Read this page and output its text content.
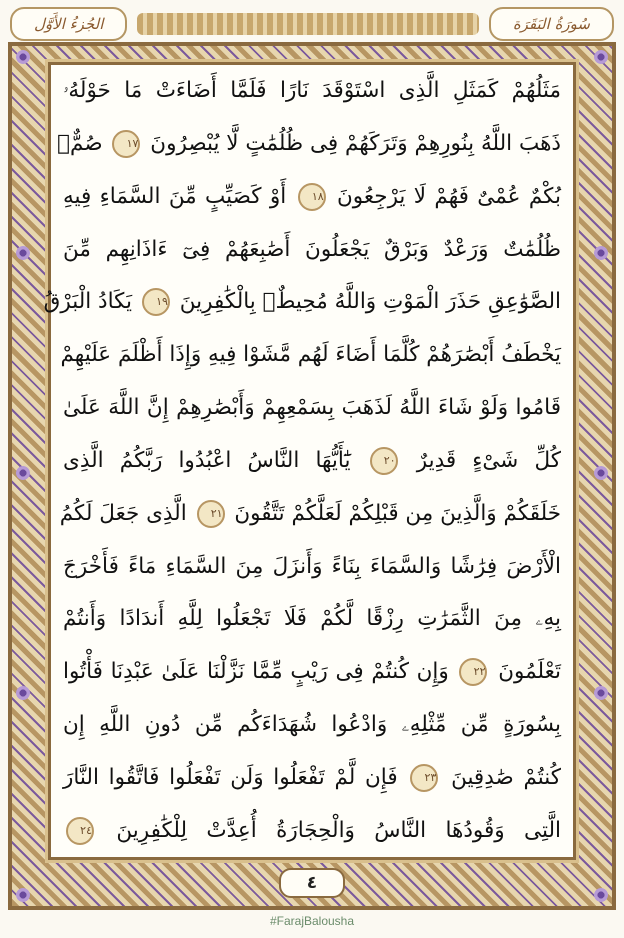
الجُزءُ الأَوَّل	سُورَةُ البَقَرَة
مَثَلُهُمْ كَمَثَلِ الَّذِى اسْتَوْقَدَ نَارًا فَلَمَّا أَضَاءَتْ مَا حَوْلَهُۥ
ذَهَبَ اللَّهُ بِنُورِهِمْ وَتَرَكَهُمْ فِى ظُلُمَٰتٍ لَّا يُبْصِرُونَ ١٧ صُمٌّۢ
بُكْمٌ عُمْىٌ فَهُمْ لَا يَرْجِعُونَ ١٨ أَوْ كَصَيِّبٍ مِّنَ السَّمَاءِ فِيهِ
ظُلُمَٰتٌ وَرَعْدٌ وَبَرْقٌ يَجْعَلُونَ أَصَٰبِعَهُمْ فِىٓ ءَاذَانِهِم مِّنَ
الصَّوَٰعِقِ حَذَرَ الْمَوْتِ وَاللَّهُ مُحِيطٌۢ بِالْكَٰفِرِينَ ١٩ يَكَادُ الْبَرْقُ
يَخْطَفُ أَبْصَٰرَهُمْ كُلَّمَا أَضَاءَ لَهُم مَّشَوْا فِيهِ وَإِذَا أَظْلَمَ عَلَيْهِمْ
قَامُوا وَلَوْ شَاءَ اللَّهُ لَذَهَبَ بِسَمْعِهِمْ وَأَبْصَٰرِهِمْ إِنَّ اللَّهَ عَلَىٰ
كُلِّ شَىْءٍ قَدِيرٌ ٢٠ يَٰٓأَيُّهَا النَّاسُ اعْبُدُوا رَبَّكُمُ الَّذِى
خَلَقَكُمْ وَالَّذِينَ مِن قَبْلِكُمْ لَعَلَّكُمْ تَتَّقُونَ ٢١ الَّذِى جَعَلَ لَكُمُ
الْأَرْضَ فِرَٰشًا وَالسَّمَاءَ بِنَاءً وَأَنزَلَ مِنَ السَّمَاءِ مَاءً فَأَخْرَجَ
بِهِۦ مِنَ الثَّمَرَٰتِ رِزْقًا لَّكُمْ فَلَا تَجْعَلُوا لِلَّهِ أَندَادًا وَأَنتُمْ
تَعْلَمُونَ ٢٢ وَإِن كُنتُمْ فِى رَيْبٍ مِّمَّا نَزَّلْنَا عَلَىٰ عَبْدِنَا فَأْتُوا
بِسُورَةٍ مِّن مِّثْلِهِۦ وَادْعُوا شُهَدَاءَكُم مِّن دُونِ اللَّهِ إِن
كُنتُمْ صَٰدِقِينَ ٢٣ فَإِن لَّمْ تَفْعَلُوا وَلَن تَفْعَلُوا فَاتَّقُوا النَّارَ
الَّتِى وَقُودُهَا النَّاسُ وَالْحِجَارَةُ أُعِدَّتْ لِلْكَٰفِرِينَ ٢٤
٤
#FarajBaloushа
